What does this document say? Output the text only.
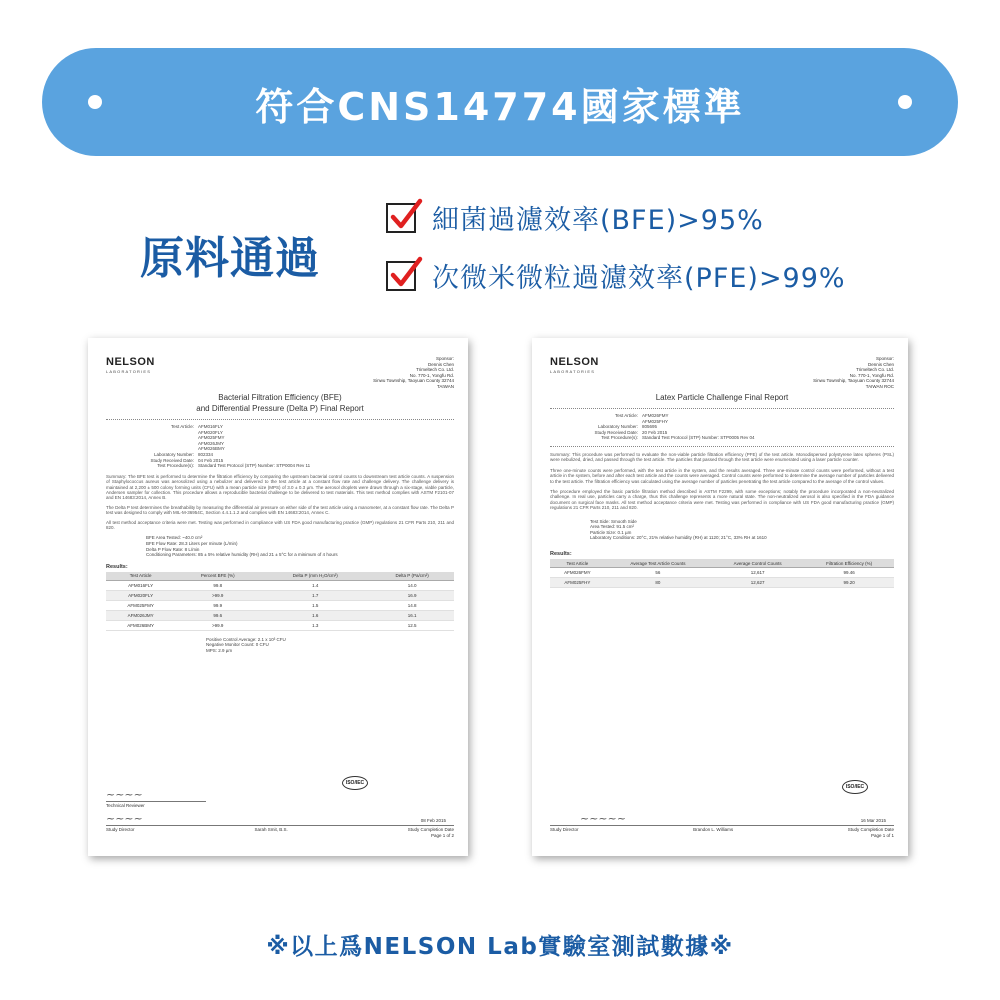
符合CNS14774國家標準
原料通過
細菌過濾效率(BFE)>95%
次微米微粒過濾效率(PFE)>99%
NELSON
LABORATORIES
Sponsor:
Dennis Chen
Trimeltech Co. Ltd.
No. 770-1, Yongfu Rd.
Sinwu Township, Taoyuan County 32744
TAIWAN
Bacterial Filtration Efficiency (BFE)
and Differential Pressure (Delta P) Final Report
Test Article: AFM016FLY
AFM020FLY
AFM025FMY
AFM026JMY
AFM026BMY
Laboratory Number: 802334
Study Received Date: 04 Feb 2015
Test Procedure(s): Standard Test Protocol (STP) Number: STP0004 Rev 11
Summary: The BFE test is performed to determine the filtration efficiency by comparing the upstream bacterial control counts to downstream test article counts. A suspension of Staphylococcus aureus was aerosolized using a nebulizer and delivered to the test article at a constant flow rate and challenge delivery. The challenge delivery is maintained at 2,200 ± 500 colony forming units (CFU) with a mean particle size (MPS) of 3.0 ± 0.3 µm. The aerosol droplets were drawn through a six-stage, viable particle, Andersen sampler for collection. This procedure allows a reproducible bacterial challenge to be delivered to test materials. This test method complies with ASTM F2101-07 and EN 14683:2014, Annex B.
The Delta P test determines the breathability by measuring the differential air pressure on either side of the test article using a manometer, at a constant flow rate. The Delta P test was designed to comply with MIL-M-36954C, Section 4.4.1.1.2 and complies with EN 14683:2014, Annex C.
All test method acceptance criteria were met. Testing was performed in compliance with US FDA good manufacturing practice (GMP) regulations 21 CFR Parts 210, 211 and 820.
BFE Area Tested: ~40.0 cm²
BFE Flow Rate: 28.3 Liters per minute (L/min)
Delta P Flow Rate: 8 L/min
Conditioning Parameters: 85 ± 5% relative humidity (RH) and 21 ± 5°C for a minimum of 4 hours
Results:
Test Article	Percent BFE (%)	Delta P (mm H₂O/cm²)	Delta P (Pa/cm²)
AFM016FLY	99.8	1.4	14.0
AFM020FLY	>99.9	1.7	16.9
AFM025FMY	99.9	1.5	14.8
AFM026JMY	99.6	1.6	16.1
AFM026BMY	>99.9	1.3	12.5
Positive Control Average: 2.1 x 10³ CFU
Negative Monitor Count: 0 CFU
MPS: 2.9 µm
ISO/IEC
~~~~
Technical Reviewer
~~~~
Study Director	Sarah Smit, B.S.	Study Completion Date
08 Feb 2015
Page 1 of 2
NELSON
LABORATORIES
Sponsor:
Dennis Chen
Trimeltech Co. Ltd.
No. 770-1, Yongfu Rd.
Sinwu Township, Taoyuan County 32744
TAIWAN ROC
Latex Particle Challenge Final Report
Test Article: AFM026FMY
AFM025FHY
Laboratory Number: 805695
Study Received Date: 20 Feb 2015
Test Procedure(s): Standard Test Protocol (STP) Number: STP0005 Rev 04
Summary: This procedure was performed to evaluate the non-viable particle filtration efficiency (PFE) of the test article. Monodispersed polystyrene latex spheres (PSL) were nebulized, dried, and passed through the test article. The particles that passed through the test article were enumerated using a laser particle counter.
Three one-minute counts were performed, with the test article in the system, and the results averaged. Three one-minute control counts were performed, without a test article in the system, before and after each test article and the counts were averaged. Control counts were performed to determine the average number of particles delivered to the test article. The filtration efficiency was calculated using the average number of particles penetrating the test article compared to the average of the control values.
The procedure employed the basic particle filtration method described in ASTM F2299, with some exceptions; notably the procedure incorporated a non-neutralized challenge. In real use, particles carry a charge, thus this challenge represents a more natural state. The non-neutralized aerosol is also specified in the FDA guidance document on surgical face masks. All test method acceptance criteria were met. Testing was performed in compliance with US FDA good manufacturing practice (GMP) regulations 21 CFR Parts 210, 211 and 820.
Test Side: Smooth Side
Area Tested: 91.5 cm²
Particle Size: 0.1 µm
Laboratory Conditions: 20°C, 21% relative humidity (RH) at 1120; 21°C, 33% RH at 1610
Results:
Test Article	Average Test Article Counts	Average Control Counts	Filtration Efficiency (%)
AFM026FMY	56	12,617	99.46
AFM025FHY	80	12,627	99.20
ISO/IEC
~~~~~
Study Director	Brandon L. Williams	Study Completion Date
16 Mar 2015
Page 1 of 1
※以上爲NELSON Lab實驗室測試數據※
